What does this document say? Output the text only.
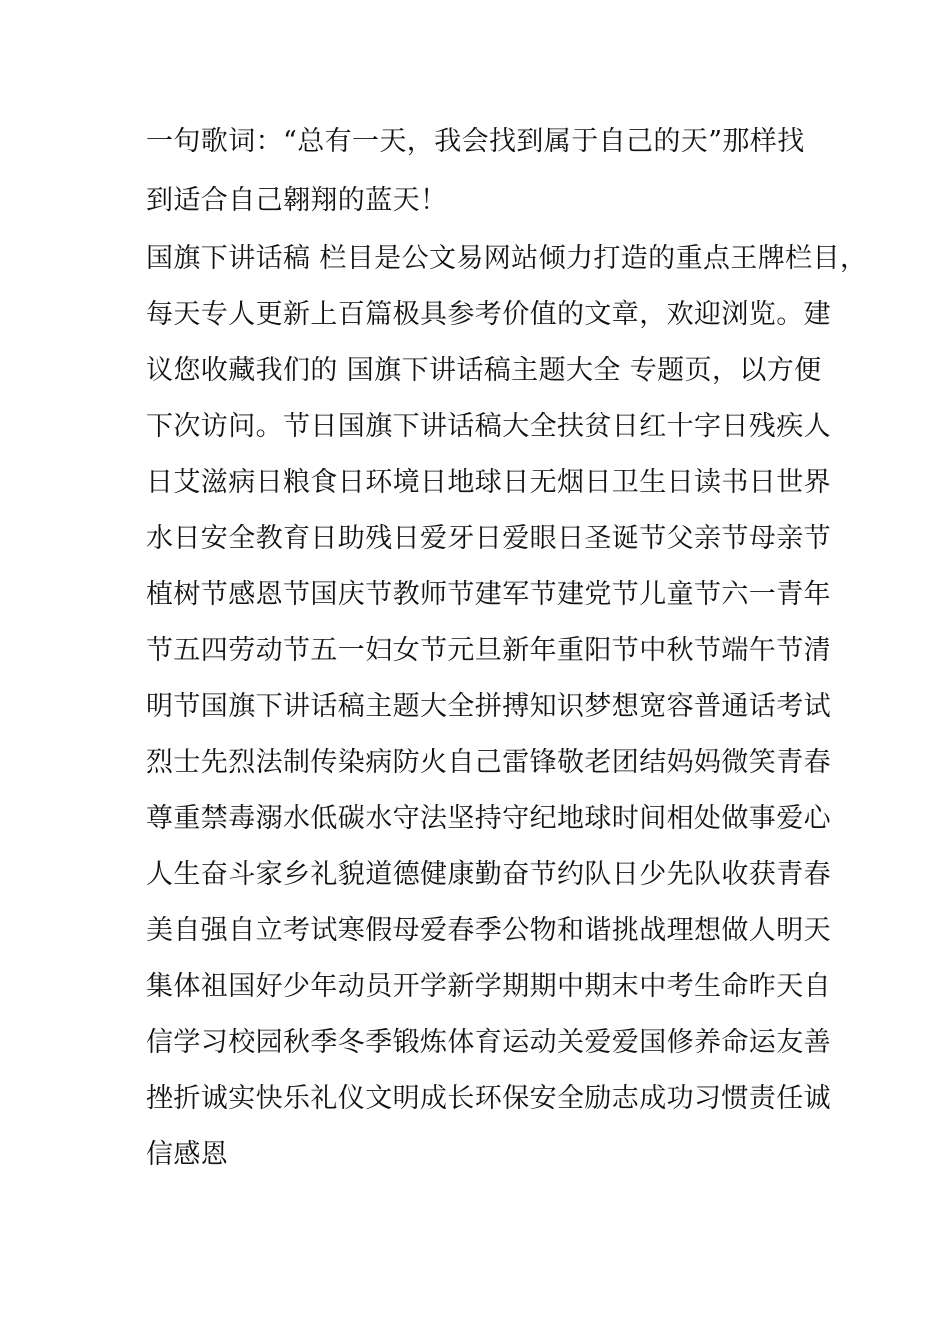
一句歌词：“总有一天，我会找到属于自己的天”那样找
到适合自己翱翔的蓝天！
国旗下讲话稿 栏目是公文易网站倾力打造的重点王牌栏目，
每天专人更新上百篇极具参考价值的文章，欢迎浏览。建
议您收藏我们的 国旗下讲话稿主题大全 专题页，以方便
下次访问。节日国旗下讲话稿大全扶贫日红十字日残疾人
日艾滋病日粮食日环境日地球日无烟日卫生日读书日世界
水日安全教育日助残日爱牙日爱眼日圣诞节父亲节母亲节
植树节感恩节国庆节教师节建军节建党节儿童节六一青年
节五四劳动节五一妇女节元旦新年重阳节中秋节端午节清
明节国旗下讲话稿主题大全拼搏知识梦想宽容普通话考试
烈士先烈法制传染病防火自己雷锋敬老团结妈妈微笑青春
尊重禁毒溺水低碳水守法坚持守纪地球时间相处做事爱心
人生奋斗家乡礼貌道德健康勤奋节约队日少先队收获青春
美自强自立考试寒假母爱春季公物和谐挑战理想做人明天
集体祖国好少年动员开学新学期期中期末中考生命昨天自
信学习校园秋季冬季锻炼体育运动关爱爱国修养命运友善
挫折诚实快乐礼仪文明成长环保安全励志成功习惯责任诚
信感恩
